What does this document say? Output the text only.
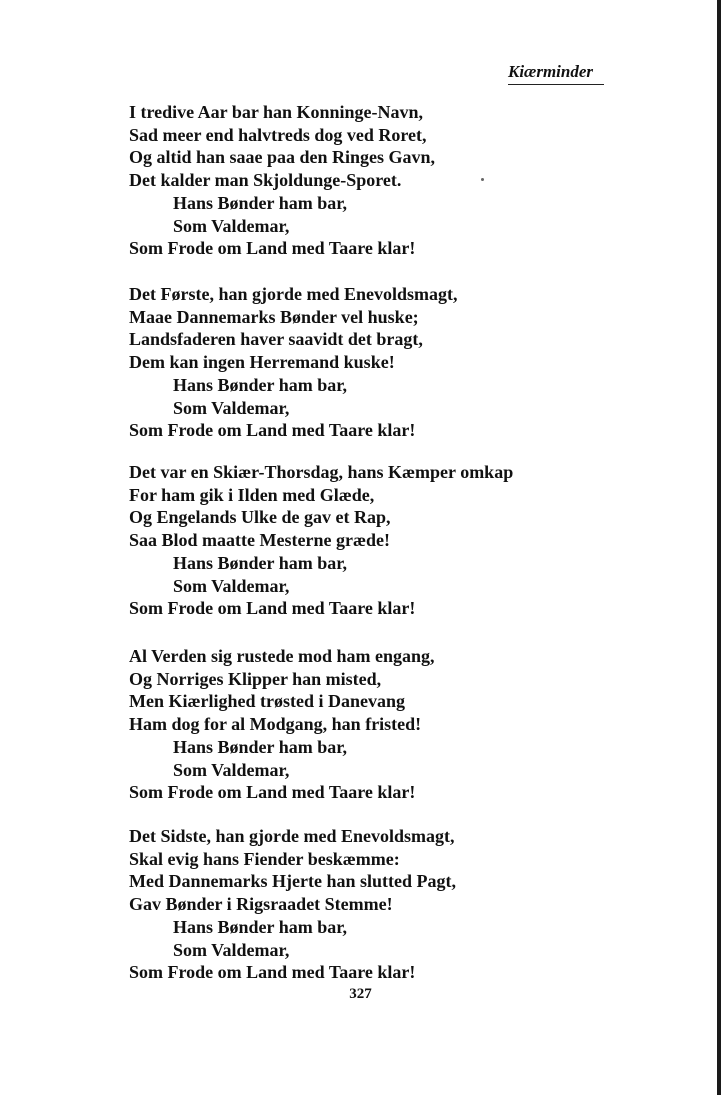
Kiærminder
I tredive Aar bar han Konninge-Navn,
Sad meer end halvtreds dog ved Roret,
Og altid han saae paa den Ringes Gavn,
Det kalder man Skjoldunge-Sporet.
Hans Bønder ham bar,
Som Valdemar,
Som Frode om Land med Taare klar!
Det Første, han gjorde med Enevoldsmagt,
Maae Dannemarks Bønder vel huske;
Landsfaderen haver saavidt det bragt,
Dem kan ingen Herremand kuske!
Hans Bønder ham bar,
Som Valdemar,
Som Frode om Land med Taare klar!
Det var en Skiær-Thorsdag, hans Kæmper omkap
For ham gik i Ilden med Glæde,
Og Engelands Ulke de gav et Rap,
Saa Blod maatte Mesterne græde!
Hans Bønder ham bar,
Som Valdemar,
Som Frode om Land med Taare klar!
Al Verden sig rustede mod ham engang,
Og Norriges Klipper han misted,
Men Kiærlighed trøsted i Danevang
Ham dog for al Modgang, han fristed!
Hans Bønder ham bar,
Som Valdemar,
Som Frode om Land med Taare klar!
Det Sidste, han gjorde med Enevoldsmagt,
Skal evig hans Fiender beskæmme:
Med Dannemarks Hjerte han slutted Pagt,
Gav Bønder i Rigsraadet Stemme!
Hans Bønder ham bar,
Som Valdemar,
Som Frode om Land med Taare klar!
327
